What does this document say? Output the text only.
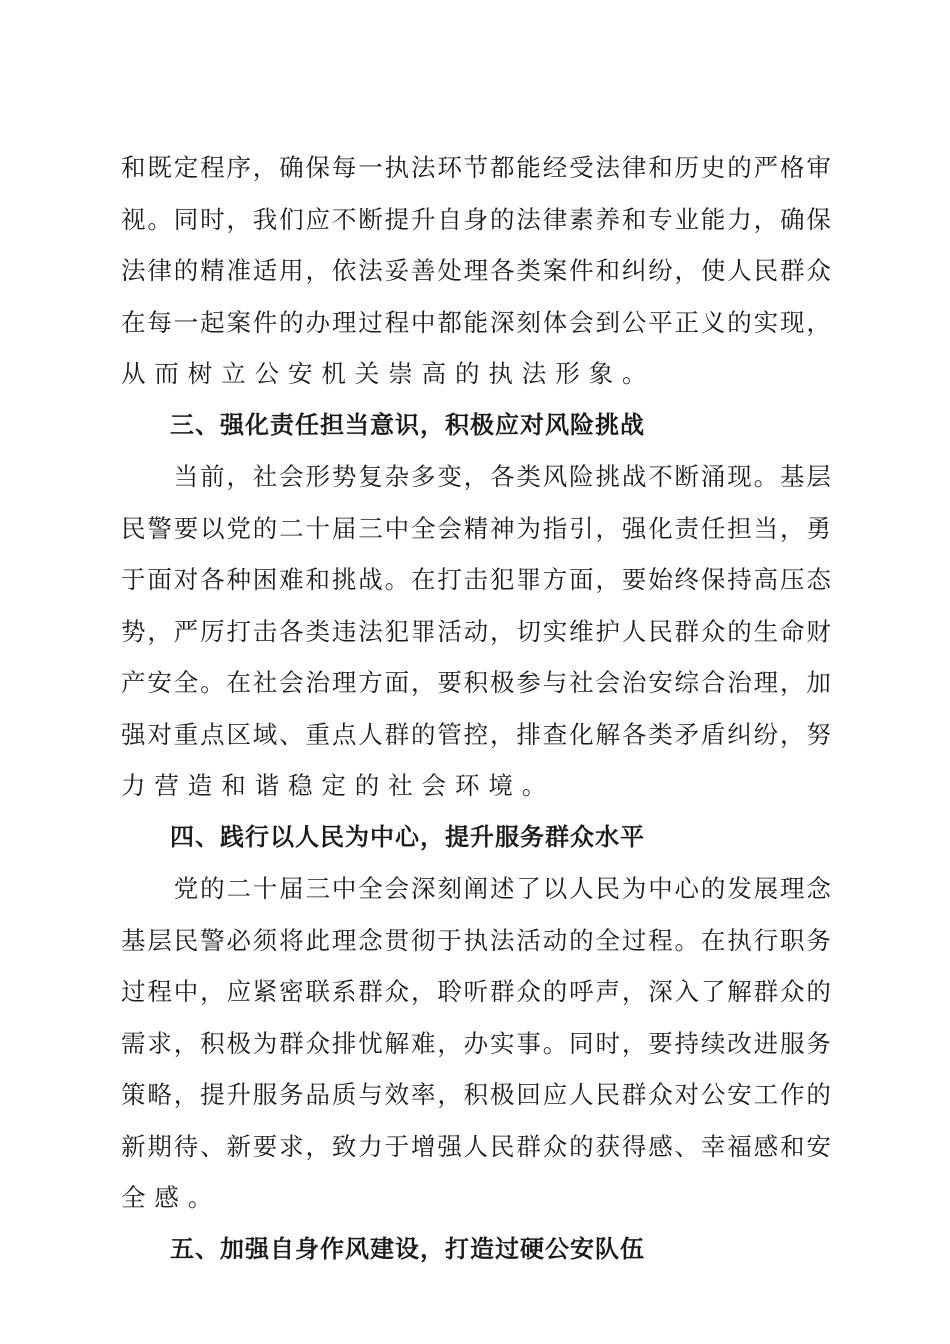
和 既 定 程 序 ， 确 保 每 一 执 法 环 节 都 能 经 受 法 律 和 历 史 的 严 格 审
视 。 同 时 ， 我 们 应 不 断 提 升 自 身 的 法 律 素 养 和 专 业 能 力 ， 确 保
法 律 的 精 准 适 用 ， 依 法 妥 善 处 理 各 类 案 件 和 纠 纷 ， 使 人 民 群 众
在 每 一 起 案 件 的 办 理 过 程 中 都 能 深 刻 体 会 到 公 平 正 义 的 实 现 ，
从而树立公安机关崇高的执法形象。
三、强化责任担当意识，积极应对风险挑战

当 前 ， 社 会 形 势 复 杂 多 变 ， 各 类 风 险 挑 战 不 断 涌 现 。 基 层
民 警 要 以 党 的 二 十 届 三 中 全 会 精 神 为 指 引 ， 强 化 责 任 担 当 ， 勇
于 面 对 各 种 困 难 和 挑 战 。 在 打 击 犯 罪 方 面 ， 要 始 终 保 持 高 压 态
势 ， 严 厉 打 击 各 类 违 法 犯 罪 活 动 ， 切 实 维 护 人 民 群 众 的 生 命 财
产 安 全 。 在 社 会 治 理 方 面 ， 要 积 极 参 与 社 会 治 安 综 合 治 理 ， 加
强 对 重 点 区 域 、 重 点 人 群 的 管 控 ， 排 查 化 解 各 类 矛 盾 纠 纷 ， 努
力营造和谐稳定的社会环境。
四、践行以人民为中心，提升服务群众水平

党 的 二 十 届 三 中 全 会 深 刻 阐 述 了 以 人 民 为 中 心 的 发 展 理 念
基 层 民 警 必 须 将 此 理 念 贯 彻 于 执 法 活 动 的 全 过 程 。 在 执 行 职 务
过 程 中 ， 应 紧 密 联 系 群 众 ， 聆 听 群 众 的 呼 声 ， 深 入 了 解 群 众 的
需 求 ， 积 极 为 群 众 排 忧 解 难 ， 办 实 事 。 同 时 ， 要 持 续 改 进 服 务
策 略 ， 提 升 服 务 品 质 与 效 率 ， 积 极 回 应 人 民 群 众 对 公 安 工 作 的
新 期 待 、 新 要 求 ， 致 力 于 增 强 人 民 群 众 的 获 得 感 、 幸 福 感 和 安
全感。
五、加强自身作风建设，打造过硬公安队伍
